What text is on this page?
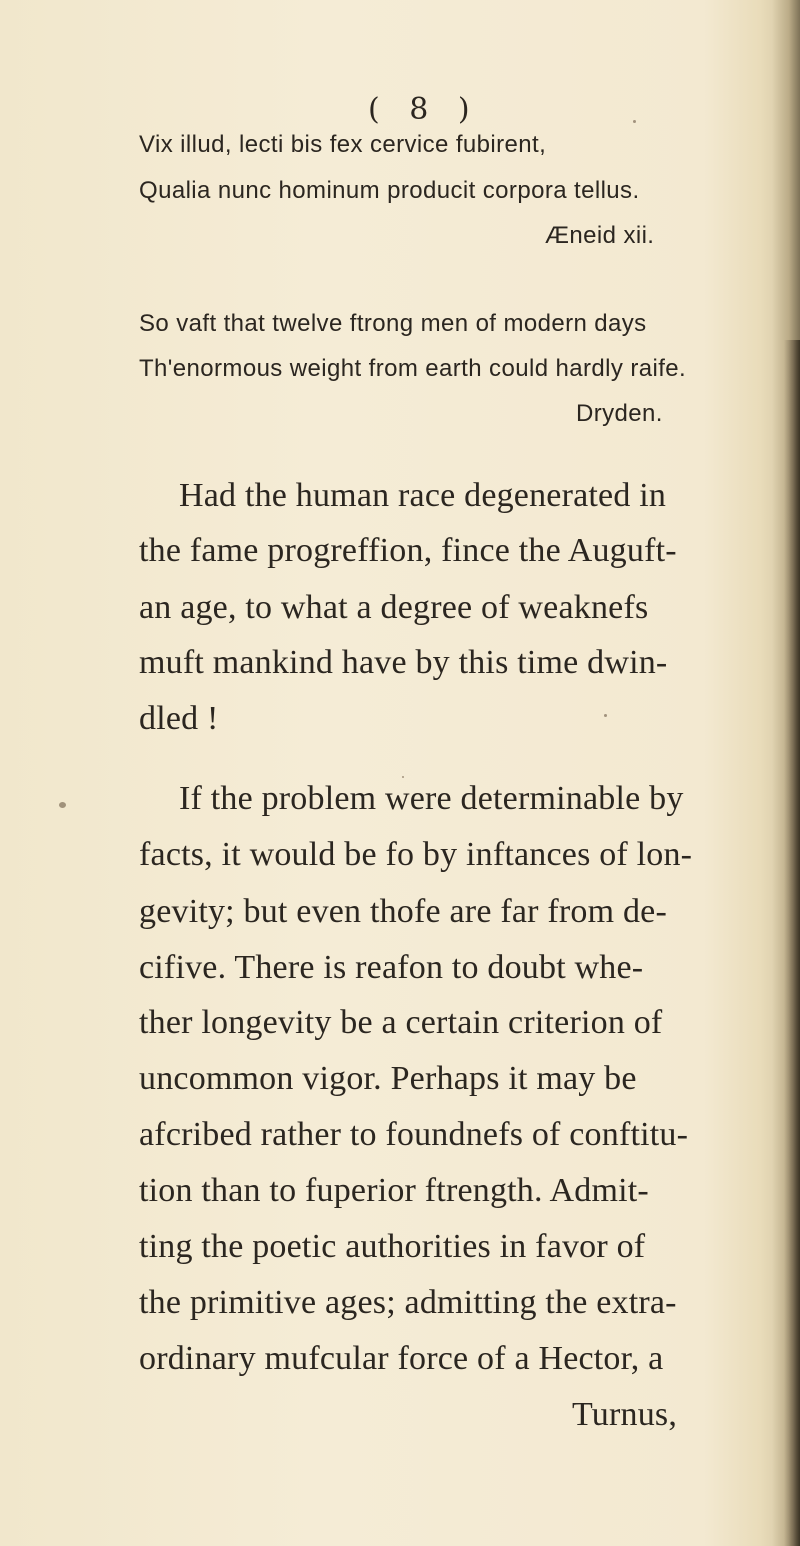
( 8 )

Vix illud, lecti bis fex cervice fubirent,

Qualia nunc hominum producit corpora tellus.

Æneid xii.

So vaft that twelve ftrong men of modern days

Th'enormous weight from earth could hardly raife.

Dryden.

Had the human race degenerated in

the fame progreffion, fince the Auguft-

an age, to what a degree of weaknefs

muft mankind have by this time dwin-

dled !

If the problem were determinable by

facts, it would be fo by inftances of lon-

gevity; but even thofe are far from de-

cifive. There is reafon to doubt whe-

ther longevity be a certain criterion of

uncommon vigor. Perhaps it may be

afcribed rather to foundnefs of conftitu-

tion than to fuperior ftrength. Admit-

ting the poetic authorities in favor of

the primitive ages; admitting the extra-

ordinary mufcular force of a Hector, a

Turnus,
